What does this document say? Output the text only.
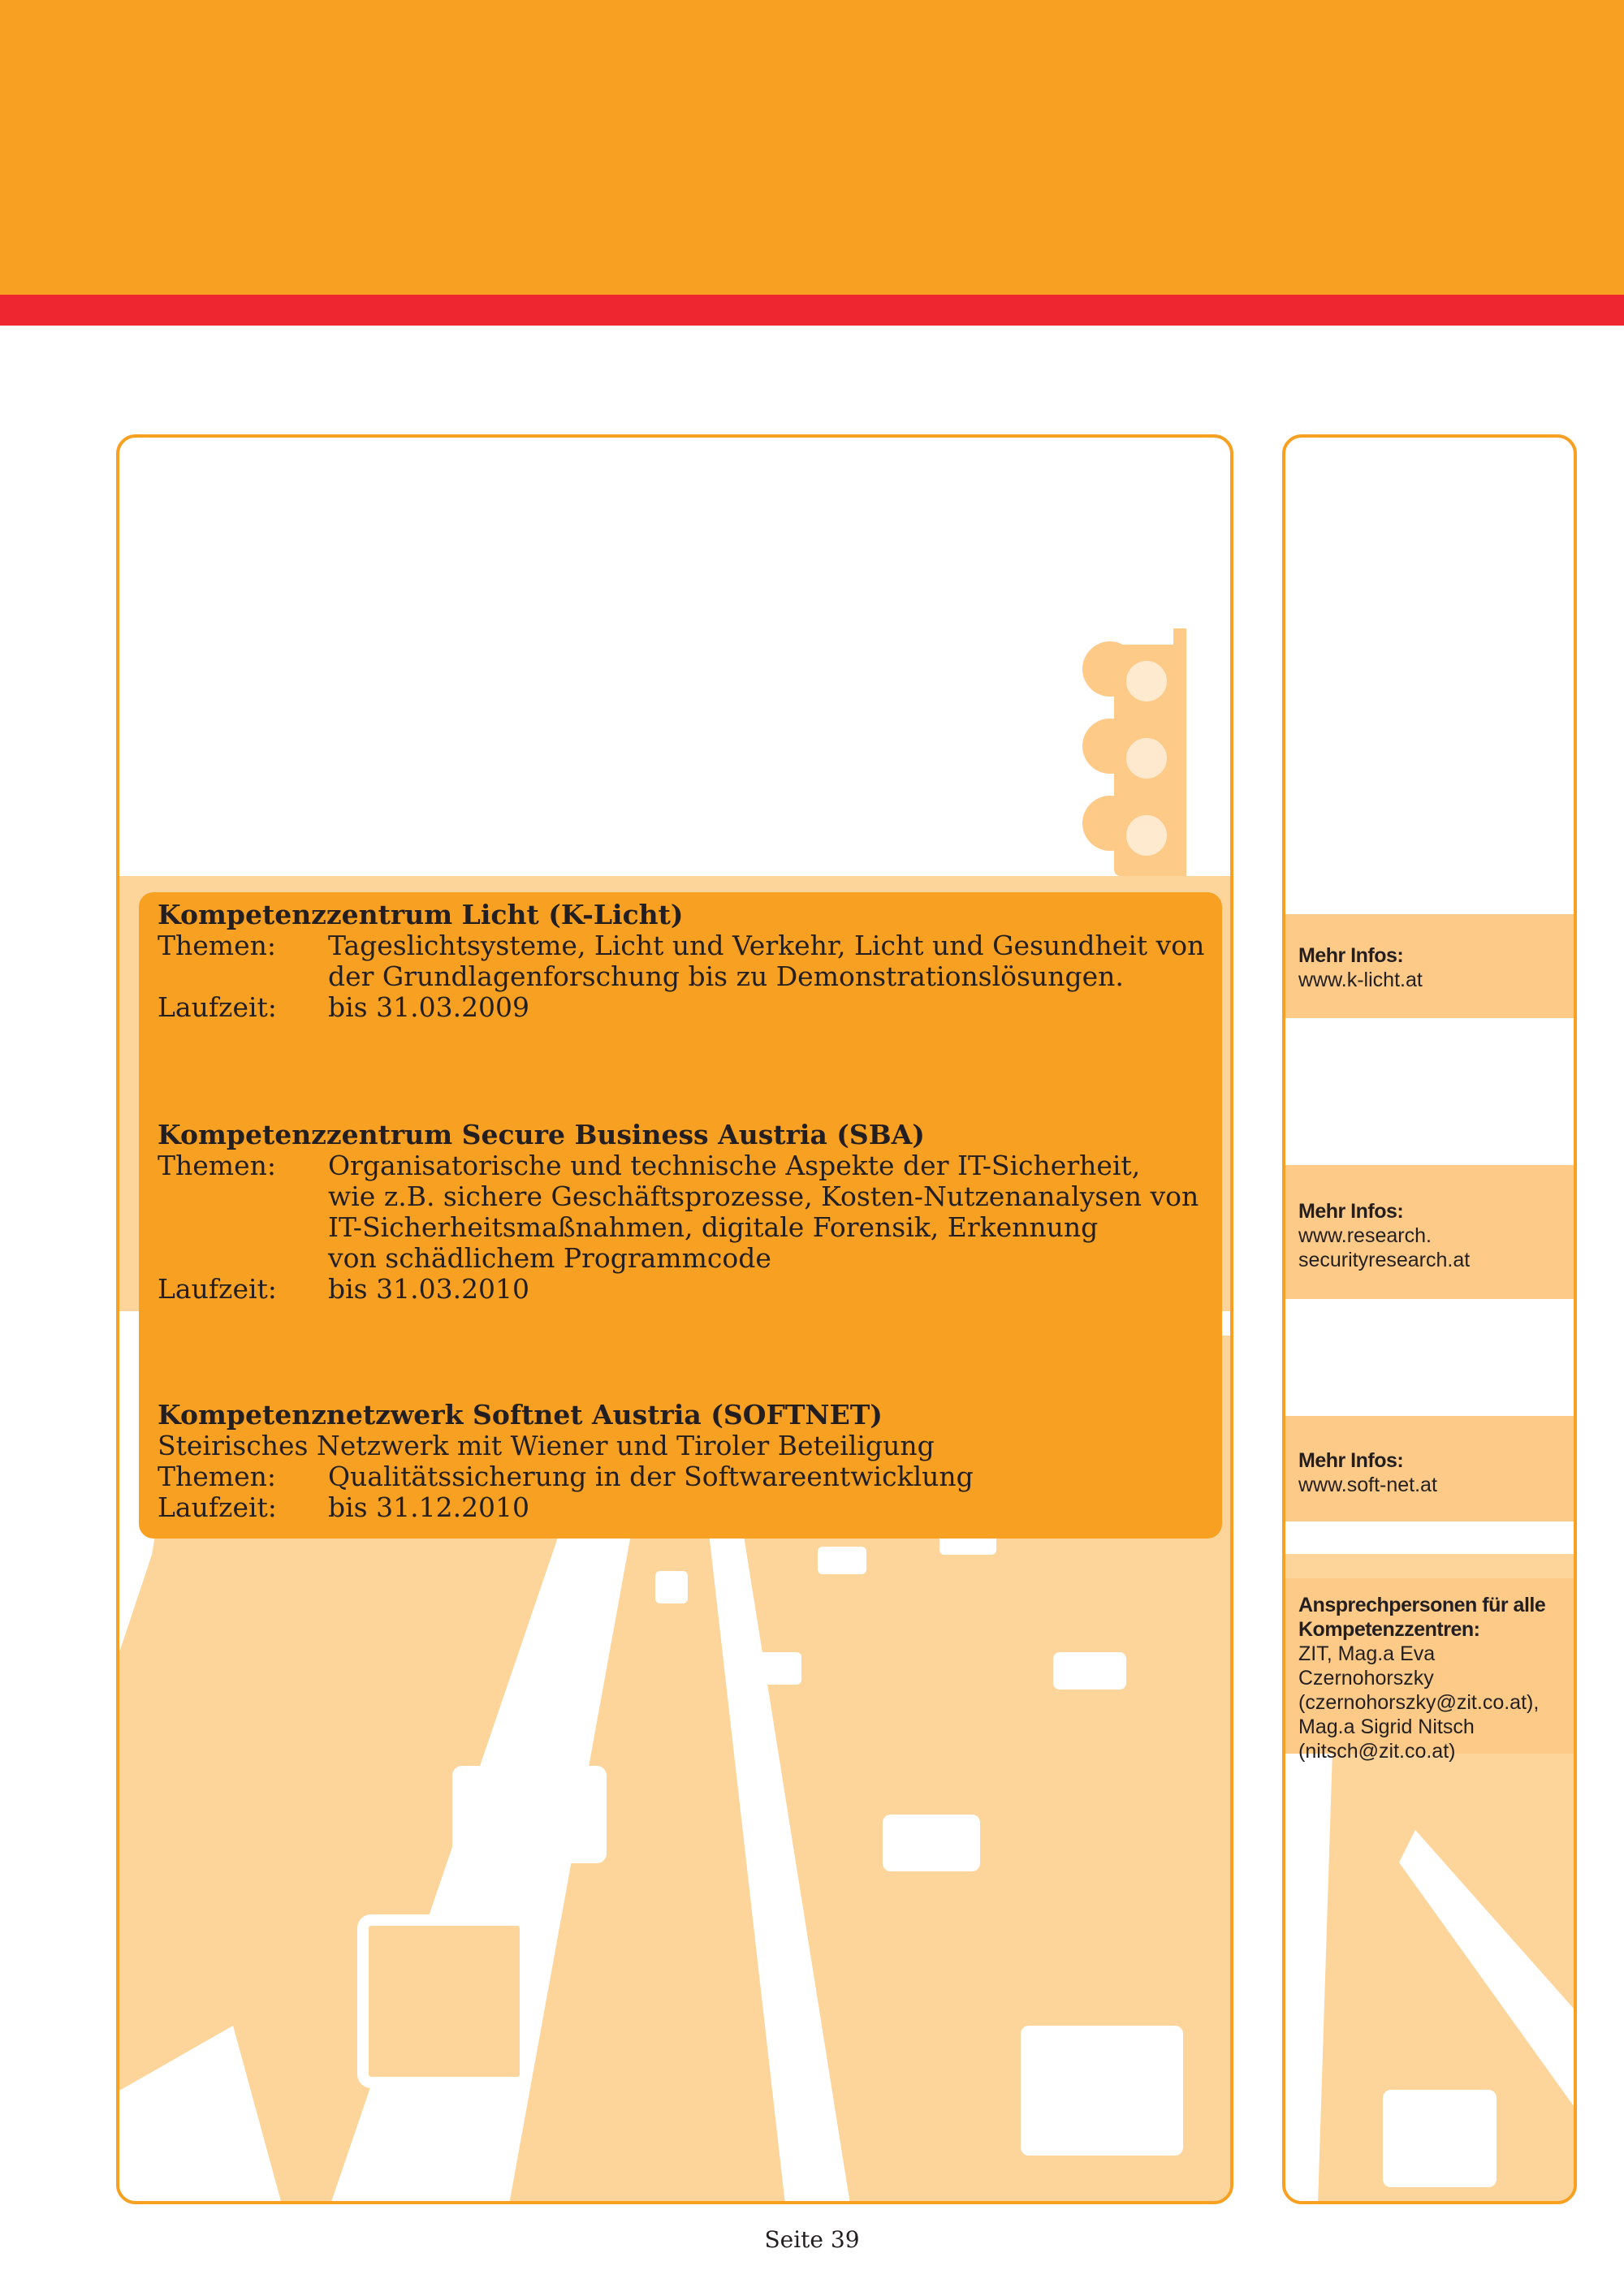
Kompetenzzentrum Licht (K-Licht)
Themen:	Tageslichtsysteme, Licht und Verkehr, Licht und Gesundheit von
der Grundlagenforschung bis zu Demonstrationslösungen.
Laufzeit:	bis 31.03.2009
Kompetenzzentrum Secure Business Austria (SBA)
Themen:	Organisatorische und technische Aspekte der IT-Sicherheit,
wie z.B. sichere Geschäftsprozesse, Kosten-Nutzenanalysen von
IT-Sicherheitsmaßnahmen, digitale Forensik, Erkennung
von schädlichem Programmcode
Laufzeit:	bis 31.03.2010
Kompetenznetzwerk Softnet Austria (SOFTNET)
Steirisches Netzwerk mit Wiener und Tiroler Beteiligung
Themen:	Qualitätssicherung in der Softwareentwicklung
Laufzeit:	bis 31.12.2010
Mehr Infos:
www.k-licht.at
Mehr Infos:
www.research.
securityresearch.at
Mehr Infos:
www.soft-net.at
Ansprechpersonen für alle
Kompetenzzentren:
ZIT, Mag.a Eva Czernohorszky
(czernohorszky@zit.co.at),
Mag.a Sigrid Nitsch
(nitsch@zit.co.at)
Seite 39
